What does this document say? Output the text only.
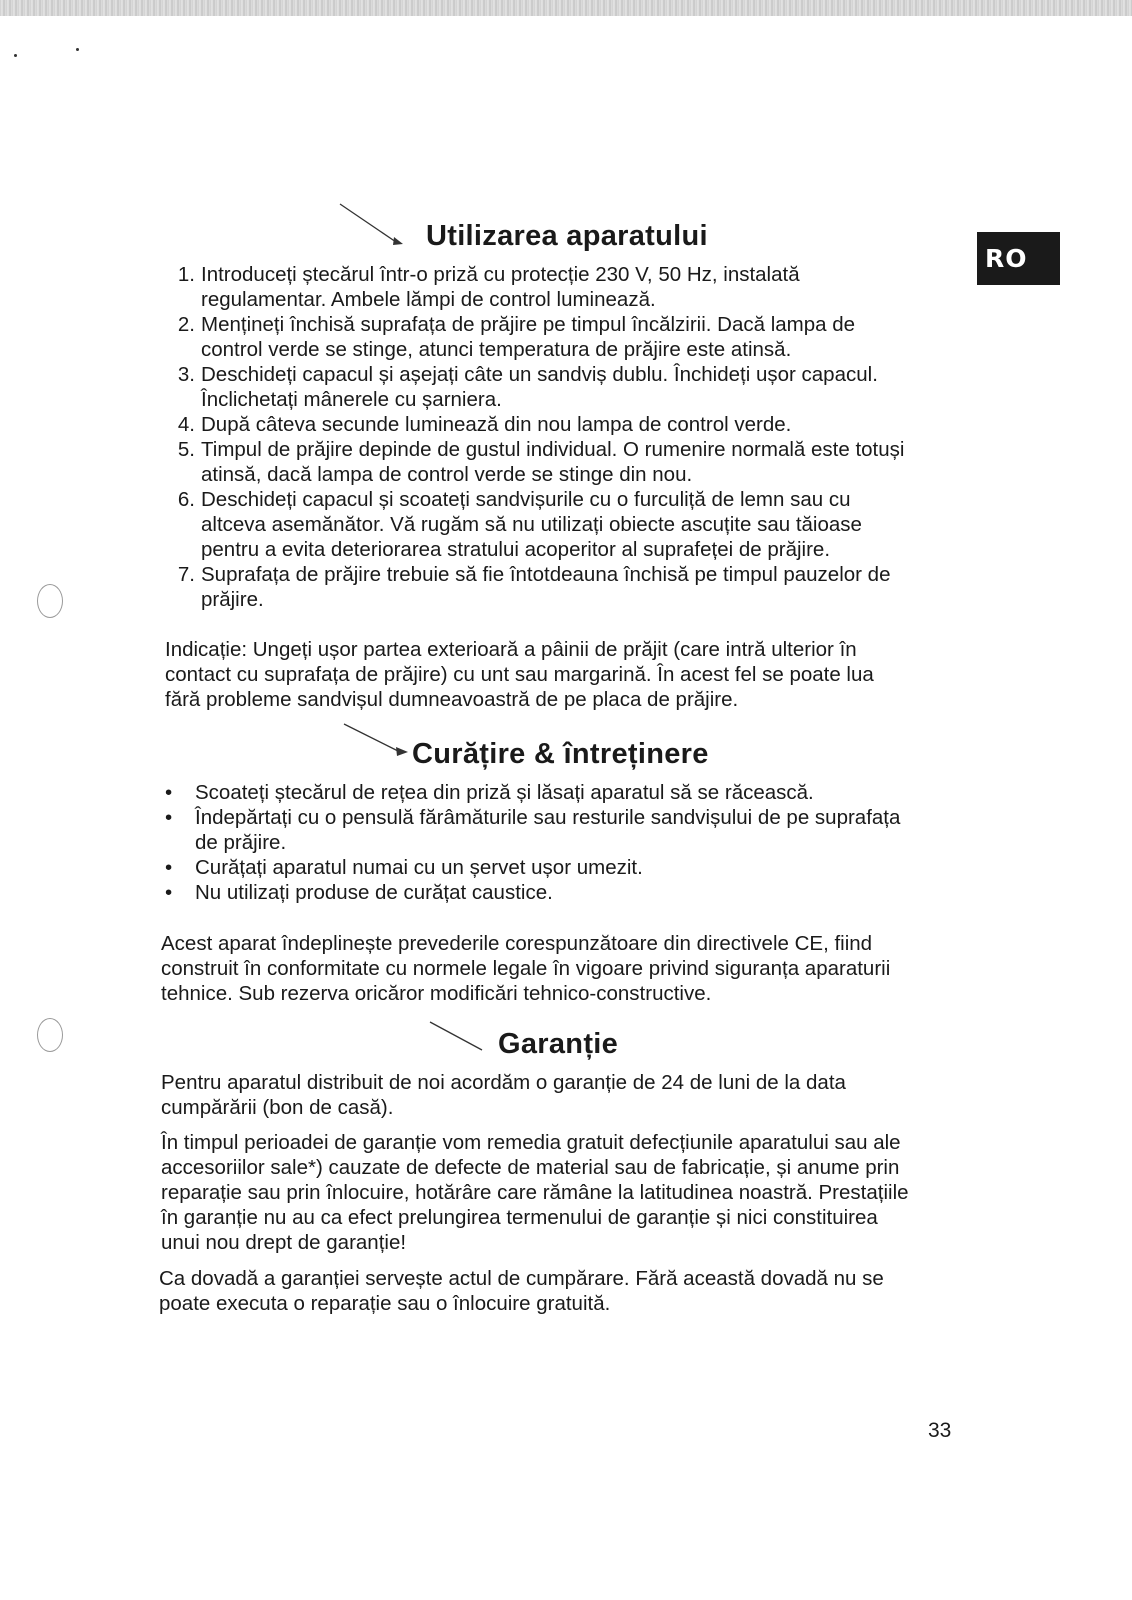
RO
Utilizarea aparatului
1. Introduceți ștecărul într-o priză cu protecție 230 V, 50 Hz, instalată
regulamentar. Ambele lămpi de control luminează.
2. Mențineți închisă suprafața de prăjire pe timpul încălzirii. Dacă lampa de
control verde se stinge, atunci temperatura de prăjire este atinsă.
3. Deschideți capacul și așejați câte un sandviș dublu. Închideți ușor capacul.
Înclichetați mânerele cu șarniera.
4. După câteva secunde luminează din nou lampa de control verde.
5. Timpul de prăjire depinde de gustul individual. O rumenire normală este totuși
atinsă, dacă lampa de control verde se stinge din nou.
6. Deschideți capacul și scoateți sandvișurile cu o furculiță de lemn sau cu
altceva asemănător. Vă rugăm să nu utilizați obiecte ascuțite sau tăioase
pentru a evita deteriorarea stratului acoperitor al suprafeței de prăjire.
7. Suprafața de prăjire trebuie să fie întotdeauna închisă pe timpul pauzelor de
prăjire.
Indicație: Ungeți ușor partea exterioară a pâinii de prăjit (care intră ulterior în
contact cu suprafața de prăjire) cu unt sau margarină. În acest fel se poate lua
fără probleme sandvișul dumneavoastră de pe placa de prăjire.
Curățire & întreținere
• Scoateți ștecărul de rețea din priză și lăsați aparatul să se răcească.
• Îndepărtați cu o pensulă fărâmăturile sau resturile sandvișului de pe suprafața
de prăjire.
• Curățați aparatul numai cu un șervet ușor umezit.
• Nu utilizați produse de curățat caustice.
Acest aparat îndeplinește prevederile corespunzătoare din directivele CE, fiind
construit în conformitate cu normele legale în vigoare privind siguranța aparaturii
tehnice. Sub rezerva oricăror modificări tehnico-constructive.
Garanție
Pentru aparatul distribuit de noi acordăm o garanție de 24 de luni de la data
cumpărării (bon de casă).
În timpul perioadei de garanție vom remedia gratuit defecțiunile aparatului sau ale
accesoriilor sale*) cauzate de defecte de material sau de fabricație, și anume prin
reparație sau prin înlocuire, hotărâre care rămâne la latitudinea noastră. Prestațiile
în garanție nu au ca efect prelungirea termenului de garanție și nici constituirea
unui nou drept de garanție!
Ca dovadă a garanției servește actul de cumpărare. Fără această dovadă nu se
poate executa o reparație sau o înlocuire gratuită.
33
